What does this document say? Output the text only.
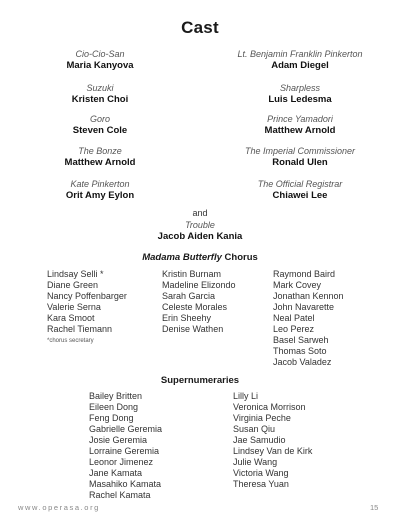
Cast
Cio-Cio-San
Maria Kanyova
Suzuki
Kristen Choi
Goro
Steven Cole
The Bonze
Matthew Arnold
Kate Pinkerton
Orit Amy Eylon
Lt. Benjamin Franklin Pinkerton
Adam Diegel
Sharpless
Luis Ledesma
Prince Yamadori
Matthew Arnold
The Imperial Commissioner
Ronald Ulen
The Official Registrar
Chiawei Lee
and
Trouble
Jacob Aiden Kania
Madama Butterfly Chorus
Lindsay Selli *
Diane Green
Nancy Poffenbarger
Valerie Serna
Kara Smoot
Rachel Tiemann
*chorus secretary
Kristin Burnam
Madeline Elizondo
Sarah Garcia
Celeste Morales
Erin Sheehy
Denise Wathen
Raymond Baird
Mark Covey
Jonathan Kennon
John Navarette
Neal Patel
Leo Perez
Basel Sarweh
Thomas Soto
Jacob Valadez
Supernumeraries
Bailey Britten
Eileen Dong
Feng Dong
Gabrielle Geremia
Josie Geremia
Lorraine Geremia
Leonor Jimenez
Jane Kamata
Masahiko Kamata
Rachel Kamata
Lilly Li
Veronica Morrison
Virginia Peche
Susan Qiu
Jae Samudio
Lindsey Van de Kirk
Julie Wang
Victoria Wang
Theresa Yuan
www.operasa.org	15
